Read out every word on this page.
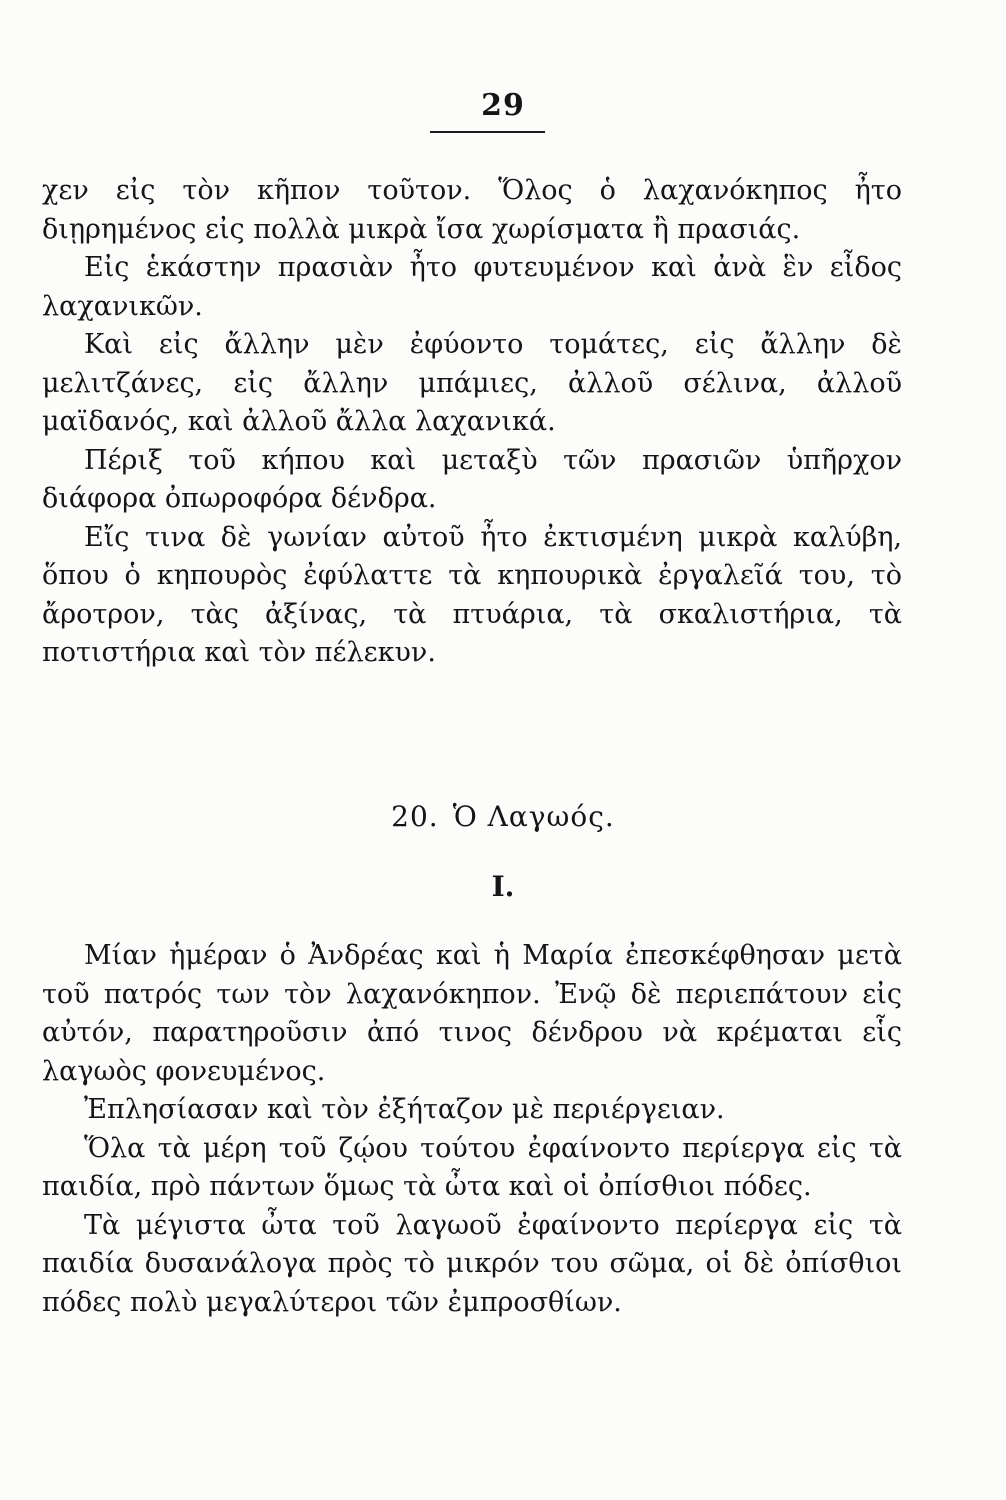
29

χεν εἰς τὸν κῆπον τοῦτον. Ὅλος ὁ λαχανόκηπος ἦτο διῃρημένος εἰς πολλὰ μικρὰ ἴσα χωρίσματα ἢ πρασιάς.

Εἰς ἑκάστην πρασιὰν ἦτο φυτευμένον καὶ ἀνὰ ἓν εἶδος λαχανικῶν.

Καὶ εἰς ἄλλην μὲν ἐφύοντο τομάτες, εἰς ἄλλην δὲ μελιτζάνες, εἰς ἄλλην μπάμιες, ἀλλοῦ σέλινα, ἀλλοῦ μαϊδανός, καὶ ἀλλοῦ ἄλλα λαχανικά.

Πέριξ τοῦ κήπου καὶ μεταξὺ τῶν πρασιῶν ὑπῆρχον διάφορα ὀπωροφόρα δένδρα.

Εἴς τινα δὲ γωνίαν αὐτοῦ ἦτο ἐκτισμένη μικρὰ καλύβη, ὅπου ὁ κηπουρὸς ἐφύλαττε τὰ κηπουρικὰ ἐργαλεῖά του, τὸ ἄροτρον, τὰς ἀξίνας, τὰ πτυάρια, τὰ σκαλιστήρια, τὰ ποτιστήρια καὶ τὸν πέλεκυν.

20. Ὁ Λαγωός.
Ι.

Μίαν ἡμέραν ὁ Ἀνδρέας καὶ ἡ Μαρία ἐπεσκέφθησαν μετὰ τοῦ πατρός των τὸν λαχανόκηπον. Ἐνῷ δὲ περιεπάτουν εἰς αὐτόν, παρατηροῦσιν ἀπό τινος δένδρου νὰ κρέμαται εἷς λαγωὸς φονευμένος.

Ἐπλησίασαν καὶ τὸν ἐξήταζον μὲ περιέργειαν.

Ὅλα τὰ μέρη τοῦ ζῴου τούτου ἐφαίνοντο περίεργα εἰς τὰ παιδία, πρὸ πάντων ὅμως τὰ ὦτα καὶ οἱ ὀπίσθιοι πόδες.

Τὰ μέγιστα ὦτα τοῦ λαγωοῦ ἐφαίνοντο περίεργα εἰς τὰ παιδία δυσανάλογα πρὸς τὸ μικρόν του σῶμα, οἱ δὲ ὀπίσθιοι πόδες πολὺ μεγαλύτεροι τῶν ἐμπροσθίων.
